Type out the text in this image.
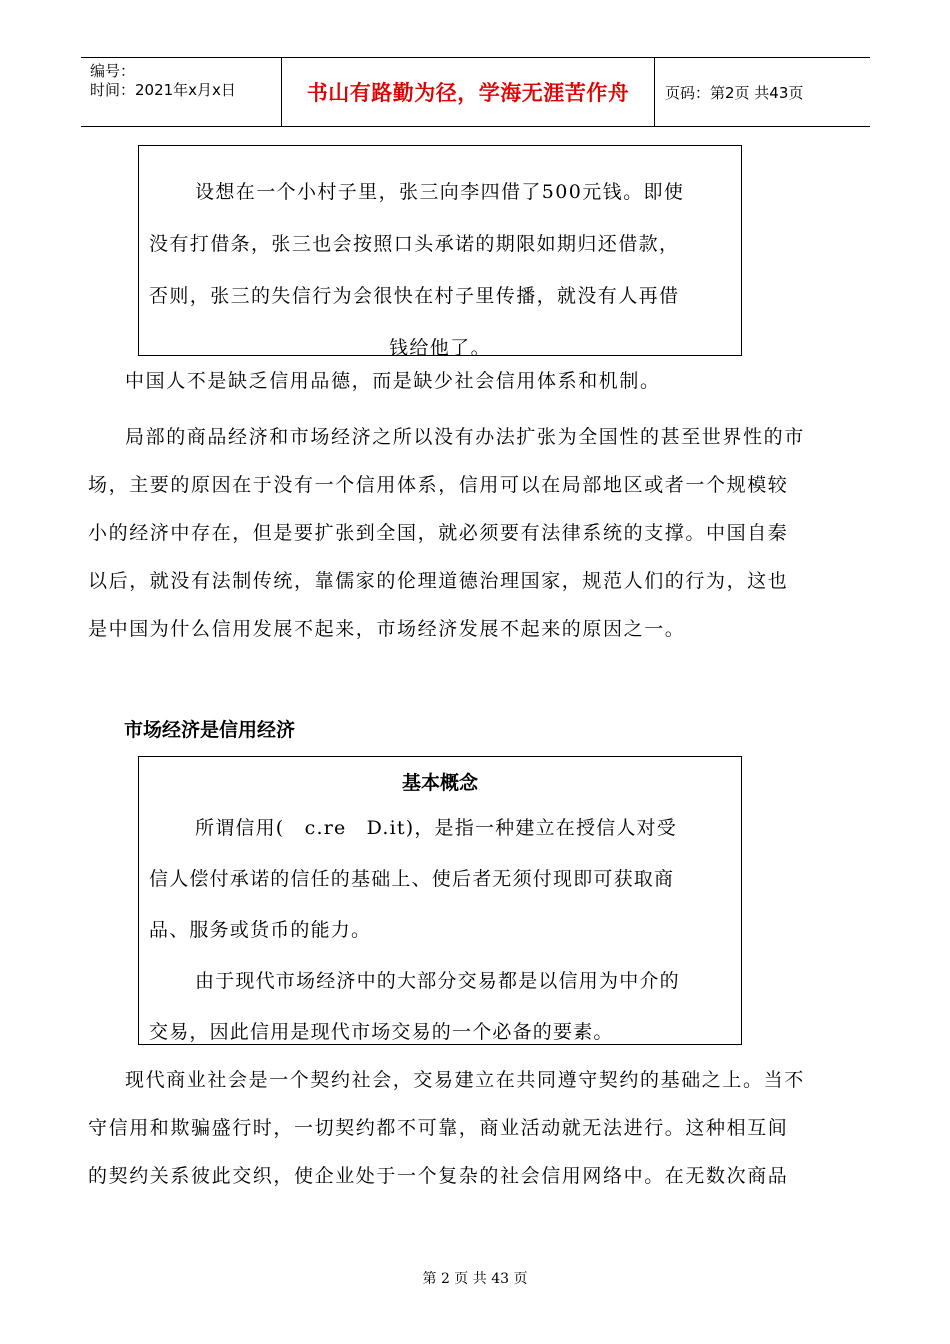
编号：
时间：2021年x月x日	书山有路勤为径，学海无涯苦作舟	页码：第2页 共43页
设想在一个小村子里，张三向李四借了500元钱。即使
没有打借条，张三也会按照口头承诺的期限如期归还借款，
否则，张三的失信行为会很快在村子里传播，就没有人再借
钱给他了。
中国人不是缺乏信用品德，而是缺少社会信用体系和机制。
局部的商品经济和市场经济之所以没有办法扩张为全国性的甚至世界性的市
场，主要的原因在于没有一个信用体系，信用可以在局部地区或者一个规模较
小的经济中存在，但是要扩张到全国，就必须要有法律系统的支撑。中国自秦
以后，就没有法制传统，靠儒家的伦理道德治理国家，规范人们的行为，这也
是中国为什么信用发展不起来，市场经济发展不起来的原因之一。
市场经济是信用经济
基本概念
所谓信用(　c.re　D.it)，是指一种建立在授信人对受
信人偿付承诺的信任的基础上、使后者无须付现即可获取商
品、服务或货币的能力。
由于现代市场经济中的大部分交易都是以信用为中介的
交易，因此信用是现代市场交易的一个必备的要素。
现代商业社会是一个契约社会，交易建立在共同遵守契约的基础之上。当不
守信用和欺骗盛行时，一切契约都不可靠，商业活动就无法进行。这种相互间
的契约关系彼此交织，使企业处于一个复杂的社会信用网络中。在无数次商品
第 2 页 共 43 页
